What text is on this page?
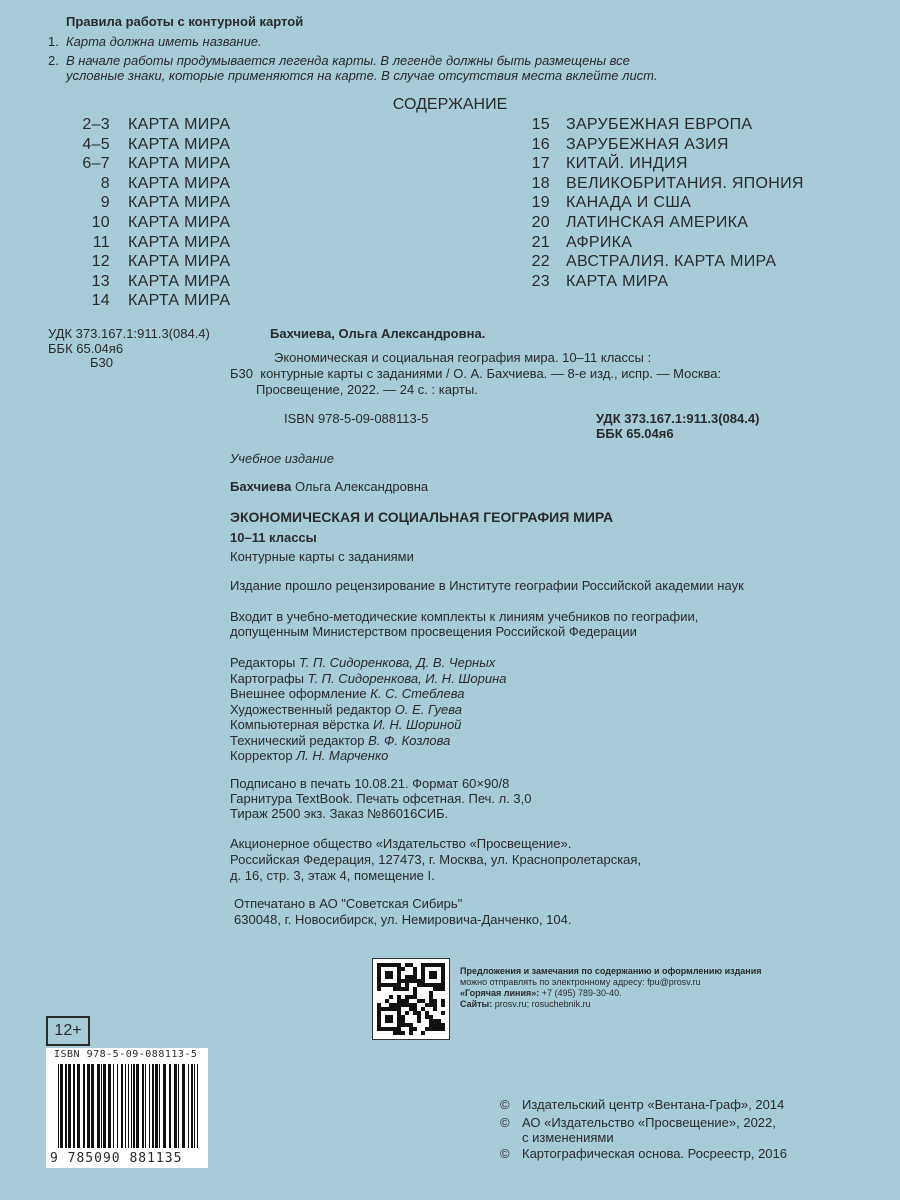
Правила работы с контурной картой
1. Карта должна иметь название.
2. В начале работы продумывается легенда карты. В легенде должны быть размещены все
условные знаки, которые применяются на карте. В случае отсутствия места вклейте лист.
СОДЕРЖАНИЕ
2–3 КАРТА МИРА
4–5 КАРТА МИРА
6–7 КАРТА МИРА
8 КАРТА МИРА
9 КАРТА МИРА
10 КАРТА МИРА
11 КАРТА МИРА
12 КАРТА МИРА
13 КАРТА МИРА
14 КАРТА МИРА
15 ЗАРУБЕЖНАЯ ЕВРОПА
16 ЗАРУБЕЖНАЯ АЗИЯ
17 КИТАЙ. ИНДИЯ
18 ВЕЛИКОБРИТАНИЯ. ЯПОНИЯ
19 КАНАДА И США
20 ЛАТИНСКАЯ АМЕРИКА
21 АФРИКА
22 АВСТРАЛИЯ. КАРТА МИРА
23 КАРТА МИРА
УДК 373.167.1:911.3(084.4)
ББК 65.04я6
Б30
Бахчиева, Ольга Александровна.
Экономическая и социальная география мира. 10–11 классы :
Б30 контурные карты с заданиями / О. А. Бахчиева. — 8-е изд., испр. — Москва:
Просвещение, 2022. — 24 с. : карты.
ISBN 978-5-09-088113-5	УДК 373.167.1:911.3(084.4)
ББК 65.04я6
Учебное издание
Бахчиева Ольга Александровна
ЭКОНОМИЧЕСКАЯ И СОЦИАЛЬНАЯ ГЕОГРАФИЯ МИРА
10–11 классы
Контурные карты с заданиями
Издание прошло рецензирование в Институте географии Российской академии наук
Входит в учебно-методические комплекты к линиям учебников по географии,
допущенным Министерством просвещения Российской Федерации
Редакторы Т. П. Сидоренкова, Д. В. Черных
Картографы Т. П. Сидоренкова, И. Н. Шорина
Внешнее оформление К. С. Стеблева
Художественный редактор О. Е. Гуева
Компьютерная вёрстка И. Н. Шориной
Технический редактор В. Ф. Козлова
Корректор Л. Н. Марченко
Подписано в печать 10.08.21. Формат 60×90/8
Гарнитура TextBook. Печать офсетная. Печ. л. 3,0
Тираж 2500 экз. Заказ №86016СИБ.
Акционерное общество «Издательство «Просвещение».
Российская Федерация, 127473, г. Москва, ул. Краснопролетарская,
д. 16, стр. 3, этаж 4, помещение I.
Отпечатано в АО "Советская Сибирь"
630048, г. Новосибирск, ул. Немировича-Данченко, 104.
Предложения и замечания по содержанию и оформлению издания
можно отправлять по электронному адресу: fpu@prosv.ru
«Горячая линия»: +7 (495) 789-30-40.
Сайты: prosv.ru; rosuchebnik.ru
12+
ISBN 978-5-09-088113-5
9 785090 881135
© Издательский центр «Вентана-Граф», 2014
© АО «Издательство «Просвещение», 2022,
с изменениями
© Картографическая основа. Росреестр, 2016
